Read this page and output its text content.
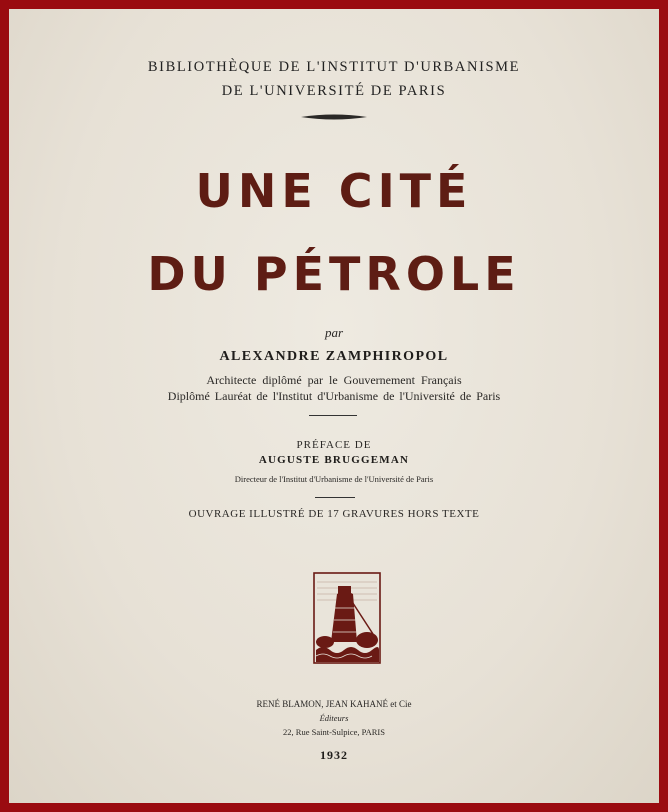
BIBLIOTHÈQUE DE L'INSTITUT D'URBANISME
DE L'UNIVERSITÉ DE PARIS
UNE CITÉ
DU PÉTROLE
par
ALEXANDRE ZAMPHIROPOL
Architecte diplômé par le Gouvernement Français
Diplômé Lauréat de l'Institut d'Urbanisme de l'Université de Paris
PRÉFACE DE
AUGUSTE BRUGGEMAN
Directeur de l'Institut d'Urbanisme de l'Université de Paris
OUVRAGE ILLUSTRÉ DE 17 GRAVURES HORS TEXTE
RENÉ BLAMON, JEAN KAHANÉ et Cie
Éditeurs
22, Rue Saint-Sulpice, PARIS
1932
